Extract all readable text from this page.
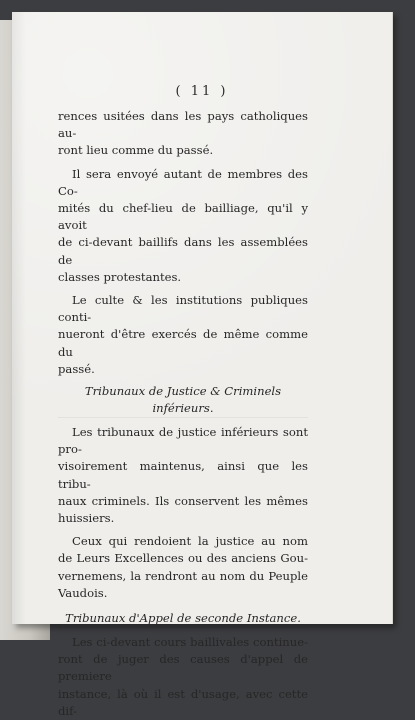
( 11 )

rences usitées dans les pays catholiques au-

ront lieu comme du passé.

Il sera envoyé autant de membres des Co-

mités du chef-lieu de bailliage, qu'il y avoit

de ci-devant baillifs dans les assemblées de

classes protestantes.

Le culte & les institutions publiques conti-

nueront d'être exercés de même comme du

passé.

Tribunaux de Justice & Criminels inférieurs.

Les tribunaux de justice inférieurs sont pro-

visoirement maintenus, ainsi que les tribu-

naux criminels. Ils conservent les mêmes

huissiers.

Ceux qui rendoient la justice au nom

de Leurs Excellences ou des anciens Gou-

vernemens, la rendront au nom du Peuple

Vaudois.

Tribunaux d'Appel de seconde Instance.

Les ci-devant cours baillivales continue-

ront de juger des causes d'appel de premiere

instance, là où il est d'usage, avec cette dif-
